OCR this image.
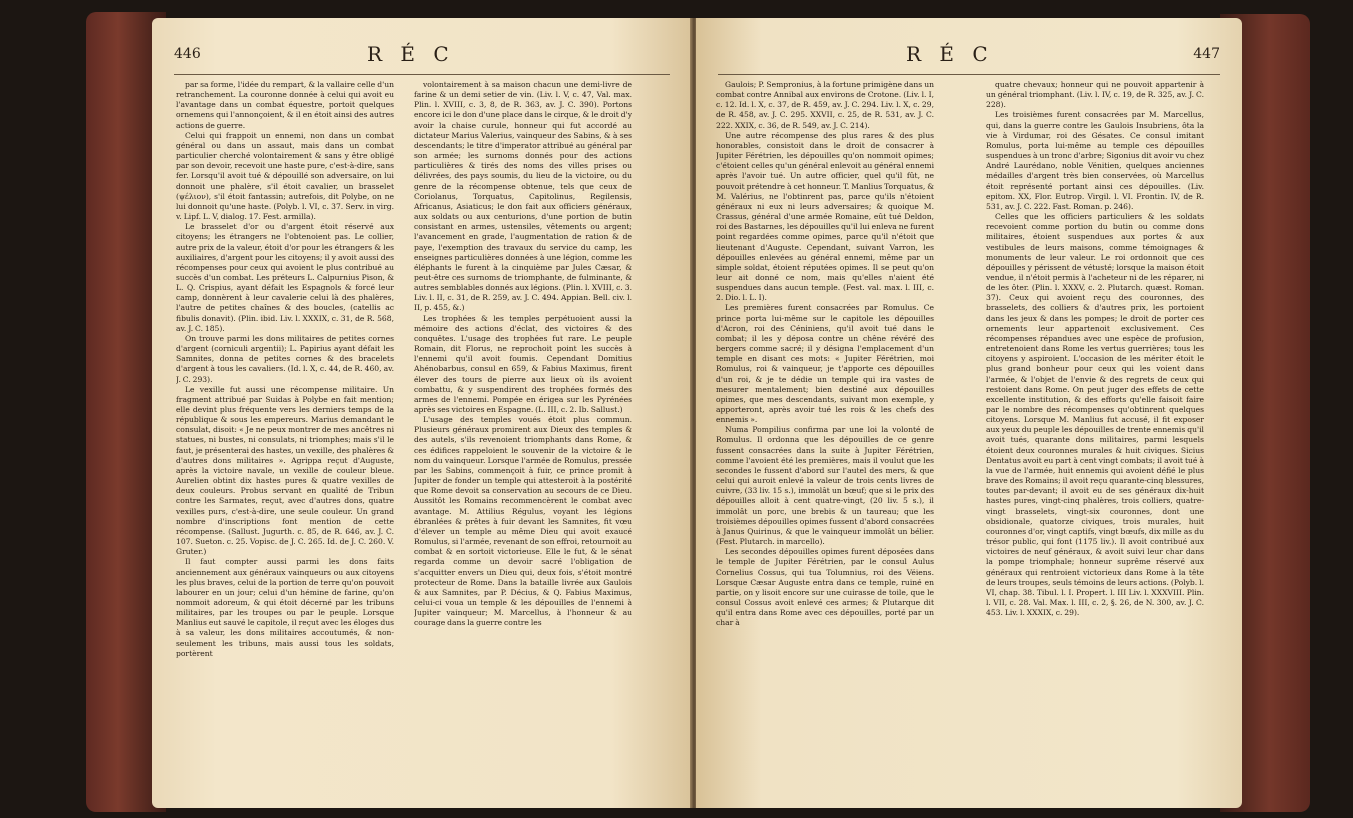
446	R É C

par sa forme, l'idée du rempart, & la vallaire celle d'un retranchement. La couronne donnée à celui qui avoit eu l'avantage dans un combat équestre, portoit quelques ornemens qui l'annonçoient, & il en étoit ainsi des autres actions de guerre.

Celui qui frappoit un ennemi, non dans un combat général ou dans un assaut, mais dans un combat particulier cherché volontairement & sans y être obligé par son devoir, recevoit une haste pure, c'est-à-dire, sans fer. Lorsqu'il avoit tué & dépouillé son adversaire, on lui donnoit une phalère, s'il étoit cavalier, un brasselet (ψέλιον), s'il étoit fantassin; autrefois, dit Polybe, on ne lui donnoit qu'une haste. (Polyb. l. VI, c. 37. Serv. in virg. v. Lipf. L. V, dialog. 17. Fest. armilla).

Le brasselet d'or ou d'argent étoit réservé aux citoyens; les étrangers ne l'obtenoient pas. Le collier, autre prix de la valeur, étoit d'or pour les étrangers & les auxiliaires, d'argent pour les citoyens; il y avoit aussi des récompenses pour ceux qui avoient le plus contribué au succès d'un combat. Les préteurs L. Calpurnius Pison, & L. Q. Crispius, ayant défait les Espagnols & forcé leur camp, donnèrent à leur cavalerie celui là des phalères, l'autre de petites chaînes & des boucles, (catellis ac fibulis donavit). (Plin. ibid. Liv. l. XXXIX, c. 31, de R. 568, av. J. C. 185).

On trouve parmi les dons militaires de petites cornes d'argent (corniculi argentii); L. Papirius ayant défait les Samnites, donna de petites cornes & des bracelets d'argent à tous les cavaliers. (Id. l. X, c. 44, de R. 460, av. J. C. 293).

Le vexille fut aussi une récompense militaire. Un fragment attribué par Suidas à Polybe en fait mention; elle devint plus fréquente vers les derniers temps de la république & sous les empereurs. Marius demandant le consulat, disoit: « Je ne peux montrer de mes ancêtres ni statues, ni bustes, ni consulats, ni triomphes; mais s'il le faut, je présenterai des hastes, un vexille, des phalères & d'autres dons militaires ». Agrippa reçut d'Auguste, après la victoire navale, un vexille de couleur bleue. Aurelien obtint dix hastes pures & quatre vexilles de deux couleurs. Probus servant en qualité de Tribun contre les Sarmates, reçut, avec d'autres dons, quatre vexilles purs, c'est-à-dire, une seule couleur. Un grand nombre d'inscriptions font mention de cette récompense. (Sallust. Jugurth. c. 85, de R. 646, av. J. C. 107. Sueton. c. 25. Vopisc. de J. C. 265. Id. de J. C. 260. V. Gruter.)

Il faut compter aussi parmi les dons faits anciennement aux généraux vainqueurs ou aux citoyens les plus braves, celui de la portion de terre qu'on pouvoit labourer en un jour; celui d'un hémine de farine, qu'on nommoit adoreum, & qui étoit décerné par les tribuns militaires, par les troupes ou par le peuple. Lorsque Manlius eut sauvé le capitole, il reçut avec les éloges dus à sa valeur, les dons militaires accoutumés, & non-seulement les tribuns, mais aussi tous les soldats, portèrent

volontairement à sa maison chacun une demi-livre de farine & un demi setier de vin. (Liv. l. V, c. 47, Val. max. Plin. l. XVIII, c. 3, 8, de R. 363, av. J. C. 390). Portons encore ici le don d'une place dans le cirque, & le droit d'y avoir la chaise curule, honneur qui fut accordé au dictateur Marius Valerius, vainqueur des Sabins, & à ses descendants; le titre d'imperator attribué au général par son armée; les surnoms donnés pour des actions particulières & tirés des noms des villes prises ou délivrées, des pays soumis, du lieu de la victoire, ou du genre de la récompense obtenue, tels que ceux de Coriolanus, Torquatus, Capitolinus, Regilensis, Africanus, Asiaticus; le don fait aux officiers généraux, aux soldats ou aux centurions, d'une portion de butin consistant en armes, ustensiles, vêtements ou argent; l'avancement en grade, l'augmentation de ration & de paye, l'exemption des travaux du service du camp, les enseignes particulières données à une légion, comme les éléphants le furent à la cinquième par Jules Cæsar, & peut-être ces surnoms de triomphante, de fulminante, & autres semblables donnés aux légions. (Plin. l. XVIII, c. 3. Liv. l. II, c. 31, de R. 259, av. J. C. 494. Appian. Bell. civ. l. II, p. 455, &.)

Les trophées & les temples perpétuoient aussi la mémoire des actions d'éclat, des victoires & des conquêtes. L'usage des trophées fut rare. Le peuple Romain, dit Florus, ne reprochoit point les succès à l'ennemi qu'il avoit foumis. Cependant Domitius Ahénobarbus, consul en 659, & Fabius Maximus, firent élever des tours de pierre aux lieux où ils avoient combattu, & y suspendirent des trophées formés des armes de l'ennemi. Pompée en érigea sur les Pyrénées après ses victoires en Espagne. (L. III, c. 2. Ib. Sallust.)

L'usage des temples voués étoit plus commun. Plusieurs généraux promirent aux Dieux des temples & des autels, s'ils revenoient triomphants dans Rome, & ces édifices rappeloient le souvenir de la victoire & le nom du vainqueur. Lorsque l'armée de Romulus, pressée par les Sabins, commençoit à fuir, ce prince promit à Jupiter de fonder un temple qui attesteroit à la postérité que Rome devoit sa conservation au secours de ce Dieu. Aussitôt les Romains recommencèrent le combat avec avantage. M. Attilius Régulus, voyant les légions ébranlées & prêtes à fuir devant les Samnites, fit vœu d'élever un temple au même Dieu qui avoit exaucé Romulus, si l'armée, revenant de son effroi, retournoit au combat & en sortoit victorieuse. Elle le fut, & le sénat regarda comme un devoir sacré l'obligation de s'acquitter envers un Dieu qui, deux fois, s'étoit montré protecteur de Rome. Dans la bataille livrée aux Gaulois & aux Samnites, par P. Décius, & Q. Fabius Maximus, celui-ci voua un temple & les dépouilles de l'ennemi à Jupiter vainqueur; M. Marcellus, à l'honneur & au courage dans la guerre contre les

R É C	447

Gaulois; P. Sempronius, à la fortune primigène dans un combat contre Annibal aux environs de Crotone. (Liv. l. I, c. 12. Id. l. X, c. 37, de R. 459, av. J. C. 294. Liv. l. X, c. 29, de R. 458, av. J. C. 295. XXVII, c. 25, de R. 531, av. J. C. 222. XXIX, c. 36, de R. 549, av. J. C. 214).

Une autre récompense des plus rares & des plus honorables, consistoit dans le droit de consacrer à Jupiter Férétrien, les dépouilles qu'on nommoit opimes; c'étoient celles qu'un général enlevoit au général ennemi après l'avoir tué. Un autre officier, quel qu'il fût, ne pouvoit prétendre à cet honneur. T. Manlius Torquatus, & M. Valérius, ne l'obtinrent pas, parce qu'ils n'étoient généraux ni eux ni leurs adversaires; & quoique M. Crassus, général d'une armée Romaine, eût tué Deldon, roi des Bastarnes, les dépouilles qu'il lui enleva ne furent point regardées comme opimes, parce qu'il n'étoit que lieutenant d'Auguste. Cependant, suivant Varron, les dépouilles enlevées au général ennemi, même par un simple soldat, étoient réputées opimes. Il se peut qu'on leur ait donné ce nom, mais qu'elles n'aient été suspendues dans aucun temple. (Fest. val. max. l. III, c. 2. Dio. l. L. I).

Les premières furent consacrées par Romulus. Ce prince porta lui-même sur le capitole les dépouilles d'Acron, roi des Céniniens, qu'il avoit tué dans le combat; il les y déposa contre un chêne révéré des bergers comme sacré; il y désigna l'emplacement d'un temple en disant ces mots: « Jupiter Férétrien, moi Romulus, roi & vainqueur, je t'apporte ces dépouilles d'un roi, & je te dédie un temple qui ira vastes de mesurer mentalement; bien destiné aux dépouilles opimes, que mes descendants, suivant mon exemple, y apporteront, après avoir tué les rois & les chefs des ennemis ».

Numa Pompilius confirma par une loi la volonté de Romulus. Il ordonna que les dépouilles de ce genre fussent consacrées dans la suite à Jupiter Férétrien, comme l'avoient été les premières, mais il voulut que les secondes le fussent d'abord sur l'autel des mers, & que celui qui auroit enlevé la valeur de trois cents livres de cuivre, (33 liv. 15 s.), immolât un bœuf; que si le prix des dépouilles alloit à cent quatre-vingt, (20 liv. 5 s.), il immolât un porc, une brebis & un taureau; que les troisièmes dépouilles opimes fussent d'abord consacrées à Janus Quirinus, & que le vainqueur immolât un bélier. (Fest. Plutarch. in marcello).

Les secondes dépouilles opimes furent déposées dans le temple de Jupiter Férétrien, par le consul Aulus Cornelius Cossus, qui tua Tolumnius, roi des Véiens. Lorsque Cæsar Auguste entra dans ce temple, ruiné en partie, on y lisoit encore sur une cuirasse de toile, que le consul Cossus avoit enlevé ces armes; & Plutarque dit qu'il entra dans Rome avec ces dépouilles, porté par un char à

quatre chevaux; honneur qui ne pouvoit appartenir à un général triomphant. (Liv. l. IV, c. 19, de R. 325, av. J. C. 228).

Les troisièmes furent consacrées par M. Marcellus, qui, dans la guerre contre les Gaulois Insubriens, ôta la vie à Virdumar, roi des Gésates. Ce consul imitant Romulus, porta lui-même au temple ces dépouilles suspendues à un tronc d'arbre; Sigonius dit avoir vu chez André Laurédano, noble Vénitien, quelques anciennes médailles d'argent très bien conservées, où Marcellus étoit représenté portant ainsi ces dépouilles. (Liv. epitom. XX, Flor. Eutrop. Virgil. l. VI. Frontin. IV, de R. 531, av. J. C. 222. Fast. Roman. p. 246).

Celles que les officiers particuliers & les soldats recevoient comme portion du butin ou comme dons militaires, étoient suspendues aux portes & aux vestibules de leurs maisons, comme témoignages & monuments de leur valeur. Le roi ordonnoit que ces dépouilles y périssent de vétusté; lorsque la maison étoit vendue, il n'étoit permis à l'acheteur ni de les réparer, ni de les ôter. (Plin. l. XXXV, c. 2. Plutarch. quæst. Roman. 37). Ceux qui avoient reçu des couronnes, des brasselets, des colliers & d'autres prix, les portoient dans les jeux & dans les pompes; le droit de porter ces ornements leur appartenoit exclusivement. Ces récompenses répandues avec une espèce de profusion, entretenoient dans Rome les vertus guerrières; tous les citoyens y aspiroient. L'occasion de les mériter étoit le plus grand bonheur pour ceux qui les voient dans l'armée, & l'objet de l'envie & des regrets de ceux qui restoient dans Rome. On peut juger des effets de cette excellente institution, & des efforts qu'elle faisoit faire par le nombre des récompenses qu'obtinrent quelques citoyens. Lorsque M. Manlius fut accusé, il fit exposer aux yeux du peuple les dépouilles de trente ennemis qu'il avoit tués, quarante dons militaires, parmi lesquels étoient deux couronnes murales & huit civiques. Sicius Dentatus avoit eu part à cent vingt combats; il avoit tué à la vue de l'armée, huit ennemis qui avoient défié le plus brave des Romains; il avoit reçu quarante-cinq blessures, toutes par-devant; il avoit eu de ses généraux dix-huit hastes pures, vingt-cinq phalères, trois colliers, quatre-vingt brasselets, vingt-six couronnes, dont une obsidionale, quatorze civiques, trois murales, huit couronnes d'or, vingt captifs, vingt bœufs, dix mille as du trésor public, qui font (1175 liv.). Il avoit contribué aux victoires de neuf généraux, & avoit suivi leur char dans la pompe triomphale; honneur suprême réservé aux généraux qui rentroient victorieux dans Rome à la tête de leurs troupes, seuls témoins de leurs actions. (Polyb. l. VI, chap. 38. Tibul. l. I. Propert. l. III Liv. l. XXXVIII. Plin. l. VII, c. 28. Val. Max. l. III, c. 2, §. 26, de N. 300, av. J. C. 453. Liv. l. XXXIX, c. 29).
